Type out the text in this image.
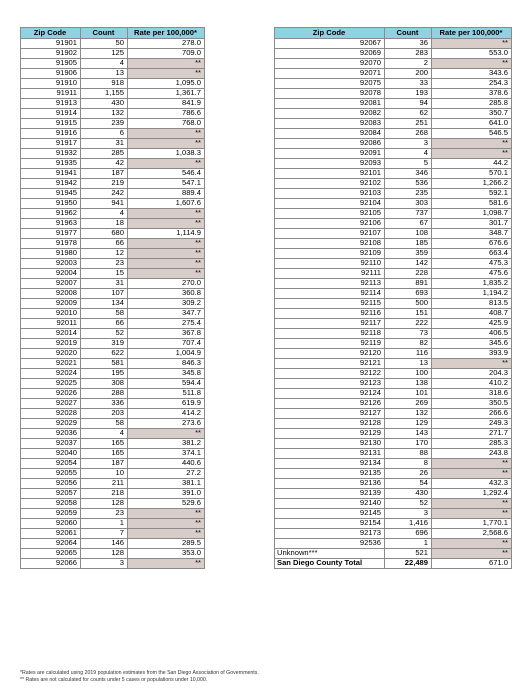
Zip Code	Count	Rate per 100,000*
91901	50	278.0
91902	125	709.0
91905	4	**
91906	13	**
91910	918	1,095.0
91911	1,155	1,361.7
91913	430	841.9
91914	132	786.6
91915	239	768.0
91916	6	**
91917	31	**
91932	285	1,038.3
91935	42	**
91941	187	546.4
91942	219	547.1
91945	242	889.4
91950	941	1,607.6
91962	4	**
91963	18	**
91977	680	1,114.9
91978	66	**
91980	12	**
92003	23	**
92004	15	**
92007	31	270.0
92008	107	360.8
92009	134	309.2
92010	58	347.7
92011	66	275.4
92014	52	367.8
92019	319	707.4
92020	622	1,004.9
92021	581	846.3
92024	195	345.8
92025	308	594.4
92026	288	511.8
92027	336	619.9
92028	203	414.2
92029	58	273.6
92036	4	**
92037	165	381.2
92040	165	374.1
92054	187	440.6
92055	10	27.2
92056	211	381.1
92057	218	391.0
92058	128	529.6
92059	23	**
92060	1	**
92061	7	**
92064	146	289.5
92065	128	353.0
92066	3	**
Zip Code	Count	Rate per 100,000*
92067	36	**
92069	283	553.0
92070	2	**
92071	200	343.6
92075	33	254.3
92078	193	378.6
92081	94	285.8
92082	62	350.7
92083	251	641.0
92084	268	546.5
92086	3	**
92091	4	**
92093	5	44.2
92101	346	570.1
92102	536	1,266.2
92103	235	592.1
92104	303	581.6
92105	737	1,098.7
92106	67	301.7
92107	108	348.7
92108	185	676.6
92109	359	663.4
92110	142	475.3
92111	228	475.6
92113	891	1,835.2
92114	693	1,194.2
92115	500	813.5
92116	151	408.7
92117	222	425.9
92118	73	406.5
92119	82	345.6
92120	116	393.9
92121	13	**
92122	100	204.3
92123	138	410.2
92124	101	318.6
92126	269	350.5
92127	132	266.6
92128	129	249.3
92129	143	271.7
92130	170	285.3
92131	88	243.8
92134	8	**
92135	26	**
92136	54	432.3
92139	430	1,292.4
92140	52	**
92145	3	**
92154	1,416	1,770.1
92173	696	2,568.6
92536	1	**
Unknown***	521	**
San Diego County Total	22,489	671.0
*Rates are calculated using 2019 population estimates from the San Diego Association of Governments.
** Rates are not calculated for counts under 5 cases or populations under 10,000.
